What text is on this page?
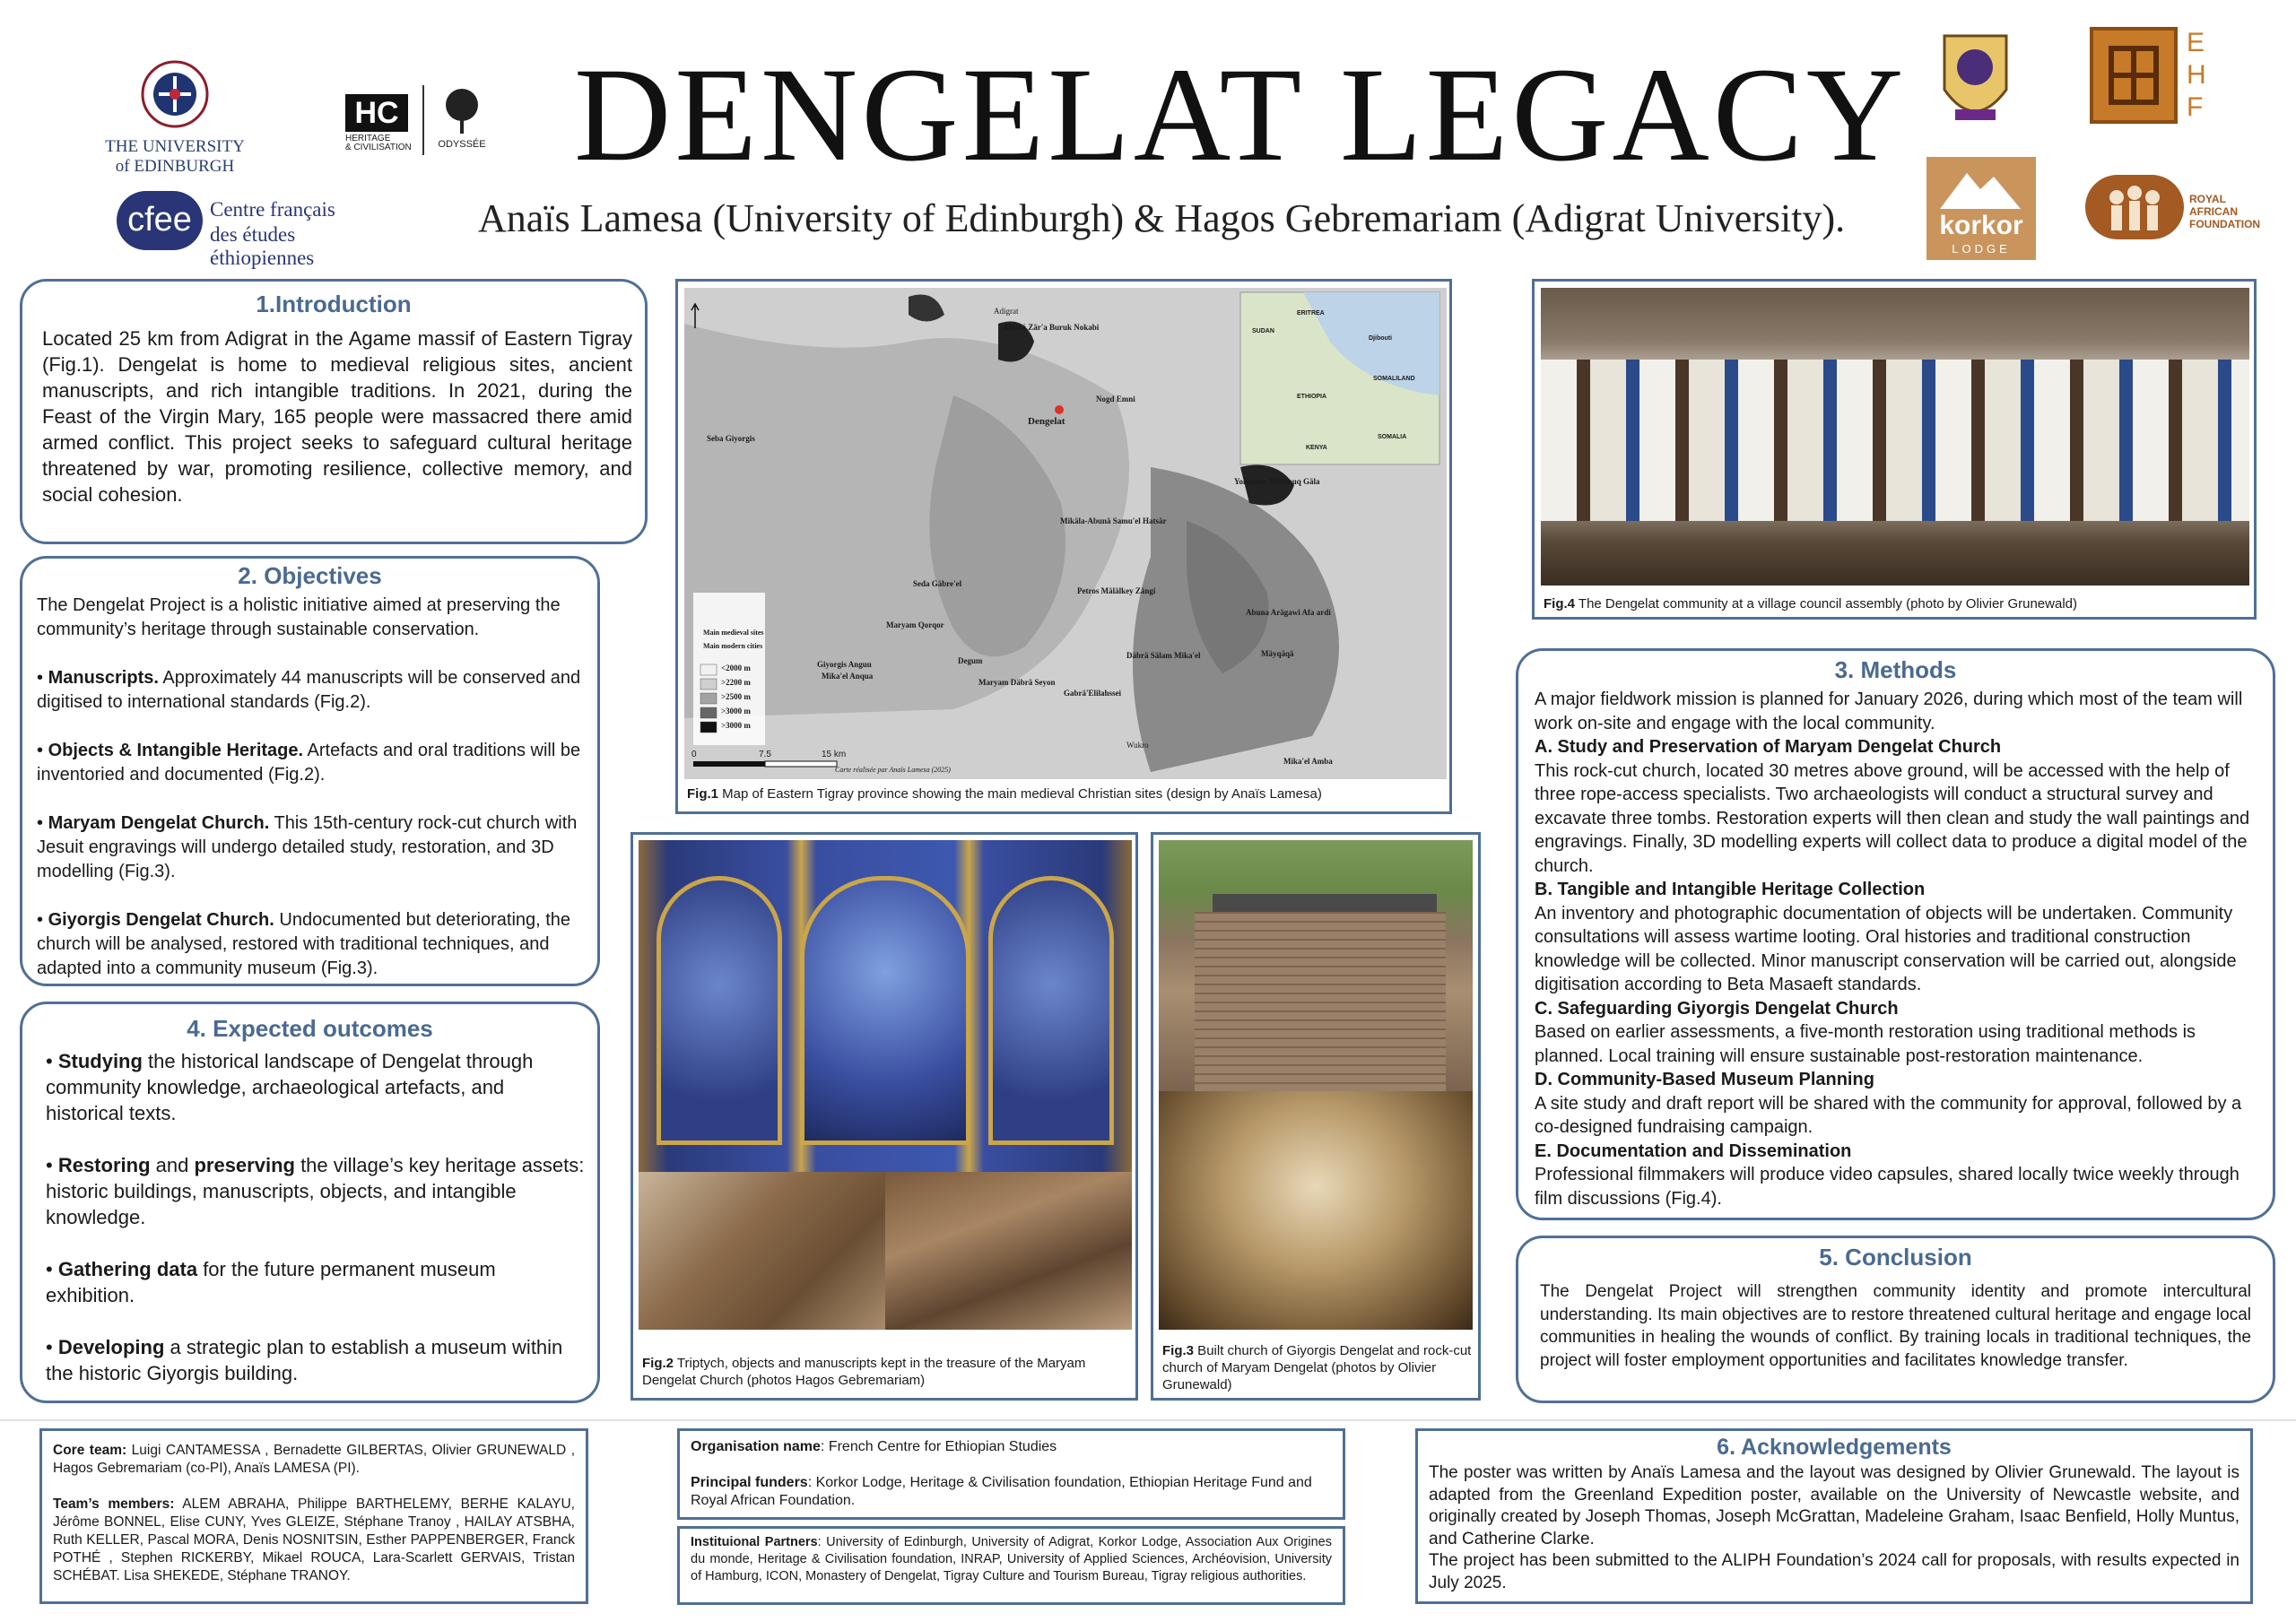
THE UNIVERSITY
of EDINBURGH
HC
HERITAGE
& CIVILISATION	ODYSSÉE
cfee Centre français
des études éthiopiennes
DENGELAT LEGACY
Anaïs Lamesa (University of Edinburgh) & Hagos Gebremariam (Adigrat University).
E
H
F
korkor
LODGE
ROYAL
AFRICAN
FOUNDATION
1.Introduction
Located 25 km from Adigrat in the Agame massif of Eastern Tigray (Fig.1). Dengelat is home to medieval religious sites, ancient manuscripts, and rich intangible traditions. In 2021, during the Feast of the Virgin Mary, 165 people were massacred there amid armed conflict. This project seeks to safeguard cultural heritage threatened by war, promoting resilience, collective memory, and social cohesion.
2. Objectives
The Dengelat Project is a holistic initiative aimed at preserving the community’s heritage through sustainable conservation.
• Manuscripts. Approximately 44 manuscripts will be conserved and digitised to international standards (Fig.2).
• Objects & Intangible Heritage. Artefacts and oral traditions will be inventoried and documented (Fig.2).
• Maryam Dengelat Church. This 15th-century rock-cut church with Jesuit engravings will undergo detailed study, restoration, and 3D modelling (Fig.3).
• Giyorgis Dengelat Church. Undocumented but deteriorating, the church will be analysed, restored with traditional techniques, and adapted into a community museum (Fig.3).
4. Expected outcomes
• Studying the historical landscape of Dengelat through community knowledge, archaeological artefacts, and historical texts.
• Restoring and preserving the village’s key heritage assets: historic buildings, manuscripts, objects, and intangible knowledge.
• Gathering data for the future permanent museum exhibition.
• Developing a strategic plan to establish a museum within the historic Giyorgis building.
Adigrat
Abuná Zär'a Buruk Nokabi
Dengelat
Nogd Emni
Seba Giyorgis
Yohannes Mäkmuq Gäla
Mikäla-Abunä Samu'el Hatsär
Seda Gäbre'el
Petros Mälälkey Zängi
Abuna Arägawi Afa ardi
Mäyqäqä
Däbrä Sälam Mika'el
Maryam Qorqor
Giyorgis Anguu
Mika'el Anqua
Degum
Maryam Däbrä Seyon
Gabrä'Elilahssei
Mika'el Amba
Wukro
Main medieval sites
Main modern cities
<2000 m
>2200 m
>2500 m
>3000 m
>3000 m
0	7.5	15 km
Carte réalisée par Anaïs Lamesa (2025)
ERITREA
SUDAN
Djibouti
SOMALILAND
ETHIOPIA
SOMALIA
KENYA
Fig.1 Map of Eastern Tigray province showing the main medieval Christian sites (design by Anaïs Lamesa)
Fig.2 Triptych, objects and manuscripts kept in the treasure of the Maryam Dengelat Church (photos Hagos Gebremariam)
Fig.3 Built church of Giyorgis Dengelat and rock-cut church of Maryam Dengelat (photos by Olivier Grunewald)
Fig.4 The Dengelat community at a village council assembly (photo by Olivier Grunewald)
3. Methods
A major fieldwork mission is planned for January 2026, during which most of the team will work on-site and engage with the local community.
A. Study and Preservation of Maryam Dengelat Church
This rock-cut church, located 30 metres above ground, will be accessed with the help of three rope-access specialists. Two archaeologists will conduct a structural survey and excavate three tombs. Restoration experts will then clean and study the wall paintings and engravings. Finally, 3D modelling experts will collect data to produce a digital model of the church.
B. Tangible and Intangible Heritage Collection
An inventory and photographic documentation of objects will be undertaken. Community consultations will assess wartime looting. Oral histories and traditional construction knowledge will be collected. Minor manuscript conservation will be carried out, alongside digitisation according to Beta Masaeft standards.
C. Safeguarding Giyorgis Dengelat Church
Based on earlier assessments, a five-month restoration using traditional methods is planned. Local training will ensure sustainable post-restoration maintenance.
D. Community-Based Museum Planning
A site study and draft report will be shared with the community for approval, followed by a co-designed fundraising campaign.
E. Documentation and Dissemination
Professional filmmakers will produce video capsules, shared locally twice weekly through film discussions (Fig.4).
5. Conclusion
The Dengelat Project will strengthen community identity and promote intercultural understanding. Its main objectives are to restore threatened cultural heritage and engage local communities in healing the wounds of conflict. By training locals in traditional techniques, the project will foster employment opportunities and facilitates knowledge transfer.
Core team: Luigi CANTAMESSA , Bernadette GILBERTAS, Olivier GRUNEWALD , Hagos Gebremariam (co-PI), Anaïs LAMESA (PI).
Team’s members: ALEM ABRAHA, Philippe BARTHELEMY, BERHE KALAYU, Jérôme BONNEL, Elise CUNY, Yves GLEIZE, Stéphane Tranoy , HAILAY ATSBHA, Ruth KELLER, Pascal MORA, Denis NOSNITSIN, Esther PAPPENBERGER, Franck POTHÉ , Stephen RICKERBY, Mikael ROUCA, Lara-Scarlett GERVAIS, Tristan SCHÉBAT. Lisa SHEKEDE, Stéphane TRANOY.
Organisation name: French Centre for Ethiopian Studies
Principal funders: Korkor Lodge, Heritage & Civilisation foundation, Ethiopian Heritage Fund and Royal African Foundation.
Instituional Partners: University of Edinburgh, University of Adigrat, Korkor Lodge, Association Aux Origines du monde, Heritage & Civilisation foundation, INRAP, University of Applied Sciences, Archéovision, University of Hamburg, ICON, Monastery of Dengelat, Tigray Culture and Tourism Bureau, Tigray religious authorities.
6. Acknowledgements
The poster was written by Anaïs Lamesa and the layout was designed by Olivier Grunewald. The layout is adapted from the Greenland Expedition poster, available on the University of Newcastle website, and originally created by Joseph Thomas, Joseph McGrattan, Madeleine Graham, Isaac Benfield, Holly Muntus, and Catherine Clarke.
The project has been submitted to the ALIPH Foundation’s 2024 call for proposals, with results expected in July 2025.
